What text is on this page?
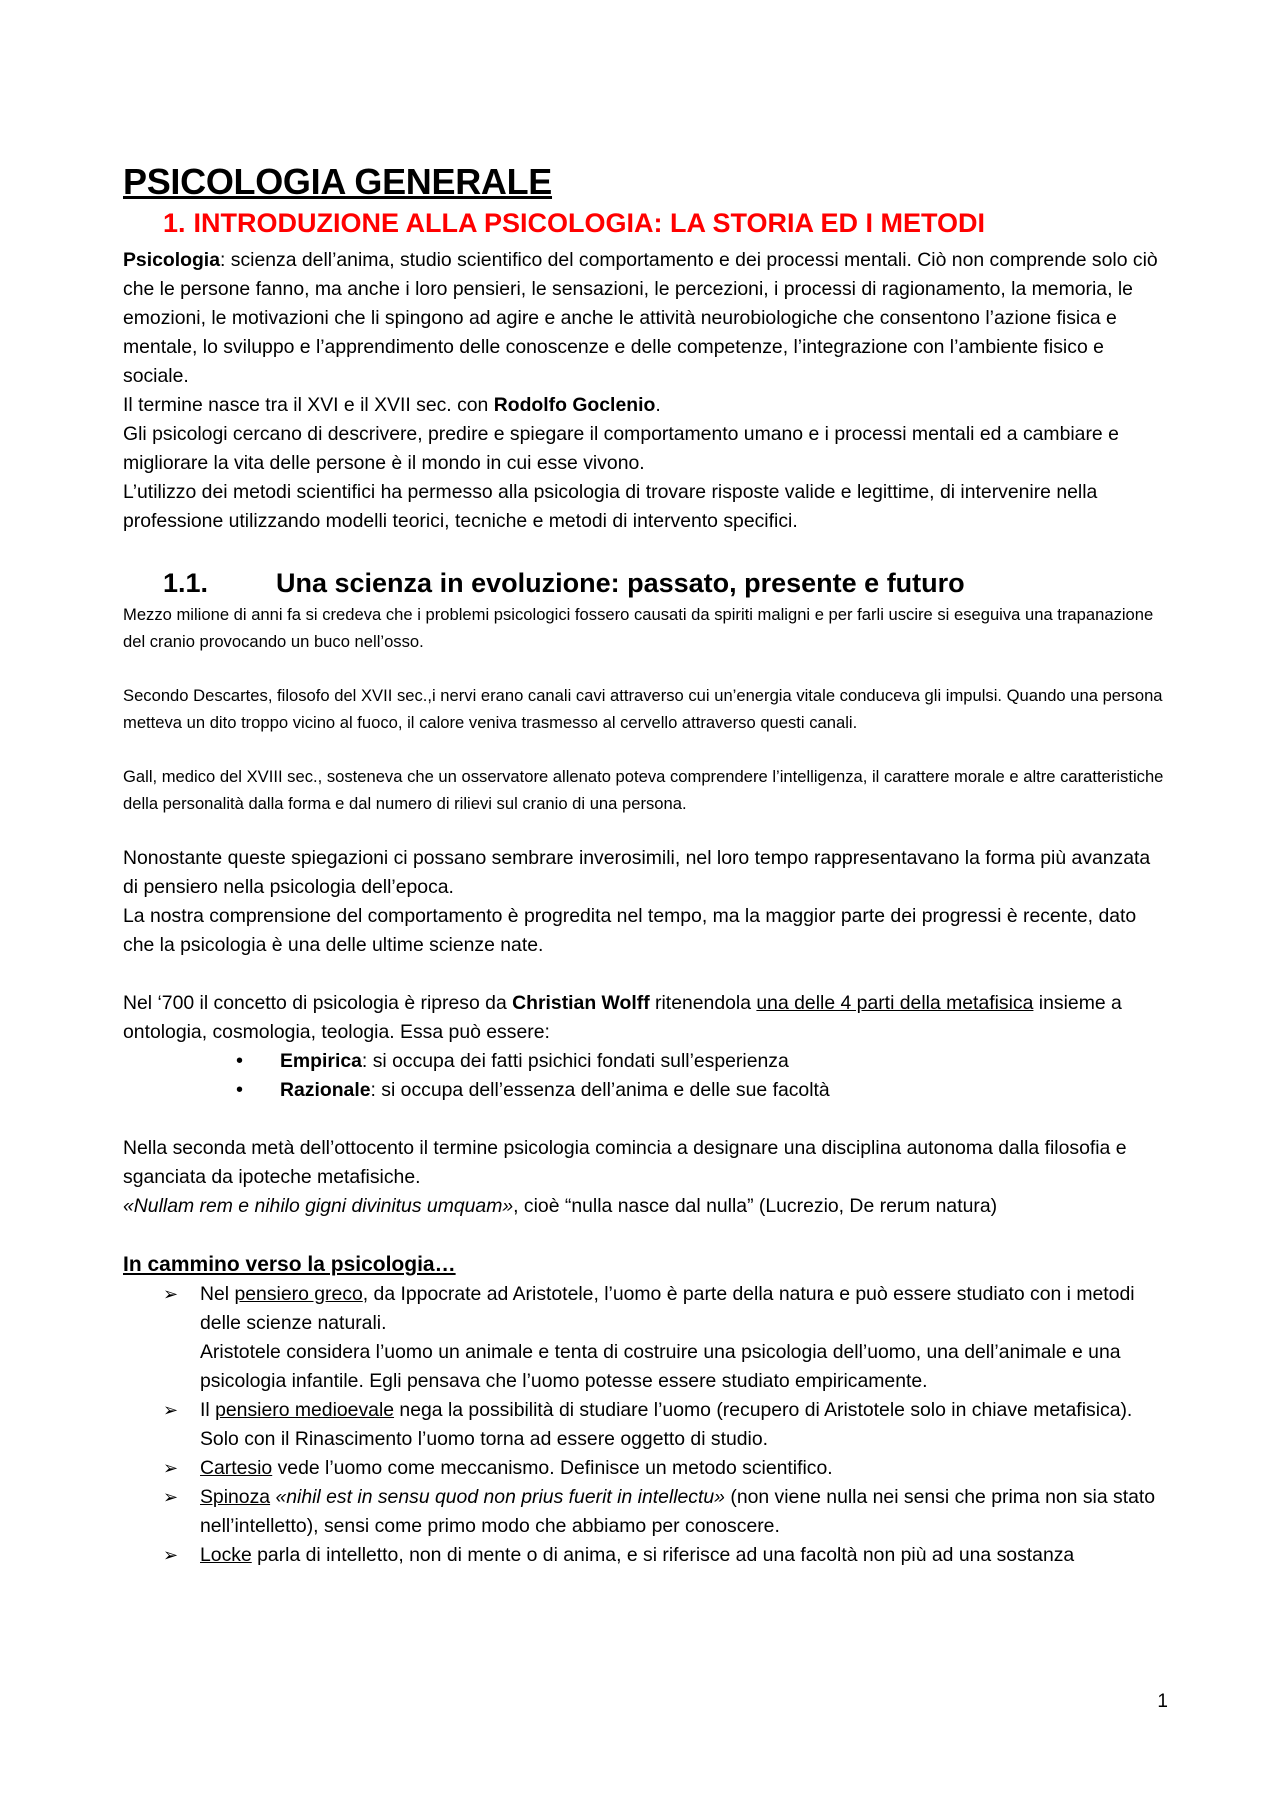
PSICOLOGIA GENERALE
1. INTRODUZIONE ALLA PSICOLOGIA: LA STORIA ED I METODI

Psicologia: scienza dell’anima, studio scientifico del comportamento e dei processi mentali. Ciò non comprende solo ciò che le persone fanno, ma anche i loro pensieri, le sensazioni, le percezioni, i processi di ragionamento, la memoria, le emozioni, le motivazioni che li spingono ad agire e anche le attività neurobiologiche che consentono l’azione fisica e mentale, lo sviluppo e l’apprendimento delle conoscenze e delle competenze, l’integrazione con l’ambiente fisico e sociale.

Il termine nasce tra il XVI e il XVII sec. con Rodolfo Goclenio.

Gli psicologi cercano di descrivere, predire e spiegare il comportamento umano e i processi mentali ed a cambiare e migliorare la vita delle persone è il mondo in cui esse vivono.

L’utilizzo dei metodi scientifici ha permesso alla psicologia di trovare risposte valide e legittime, di intervenire nella professione utilizzando modelli teorici, tecniche e metodi di intervento specifici.

1.1.	Una scienza in evoluzione: passato, presente e futuro

Mezzo milione di anni fa si credeva che i problemi psicologici fossero causati da spiriti maligni e per farli uscire si eseguiva una trapanazione del cranio provocando un buco nell’osso.

Secondo Descartes, filosofo del XVII sec.,i nervi erano canali cavi attraverso cui un’energia vitale conduceva gli impulsi. Quando una persona metteva un dito troppo vicino al fuoco, il calore veniva trasmesso al cervello attraverso questi canali.

Gall, medico del XVIII sec., sosteneva che un osservatore allenato poteva comprendere l’intelligenza, il carattere morale e altre caratteristiche della personalità dalla forma e dal numero di rilievi sul cranio di una persona.

Nonostante queste spiegazioni ci possano sembrare inverosimili, nel loro tempo rappresentavano la forma più avanzata di pensiero nella psicologia dell’epoca.

La nostra comprensione del comportamento è progredita nel tempo, ma la maggior parte dei progressi è recente, dato che la psicologia è una delle ultime scienze nate.

Nel ‘700 il concetto di psicologia è ripreso da Christian Wolff ritenendola una delle 4 parti della metafisica insieme a ontologia, cosmologia, teologia. Essa può essere:

• Empirica: si occupa dei fatti psichici fondati sull’esperienza
• Razionale: si occupa dell’essenza dell’anima e delle sue facoltà

Nella seconda metà dell’ottocento il termine psicologia comincia a designare una disciplina autonoma dalla filosofia e sganciata da ipoteche metafisiche.

«Nullam rem e nihilo gigni divinitus umquam», cioè “nulla nasce dal nulla” (Lucrezio, De rerum natura)

In cammino verso la psicologia…
➢ Nel pensiero greco, da Ippocrate ad Aristotele, l’uomo è parte della natura e può essere studiato con i metodi delle scienze naturali.
Aristotele considera l’uomo un animale e tenta di costruire una psicologia dell’uomo, una dell’animale e una psicologia infantile. Egli pensava che l’uomo potesse essere studiato empiricamente.
➢ Il pensiero medioevale nega la possibilità di studiare l’uomo (recupero di Aristotele solo in chiave metafisica). Solo con il Rinascimento l’uomo torna ad essere oggetto di studio.
➢ Cartesio vede l’uomo come meccanismo. Definisce un metodo scientifico.
➢ Spinoza «nihil est in sensu quod non prius fuerit in intellectu» (non viene nulla nei sensi che prima non sia stato nell’intelletto), sensi come primo modo che abbiamo per conoscere.
➢ Locke parla di intelletto, non di mente o di anima, e si riferisce ad una facoltà non più ad una sostanza
1
